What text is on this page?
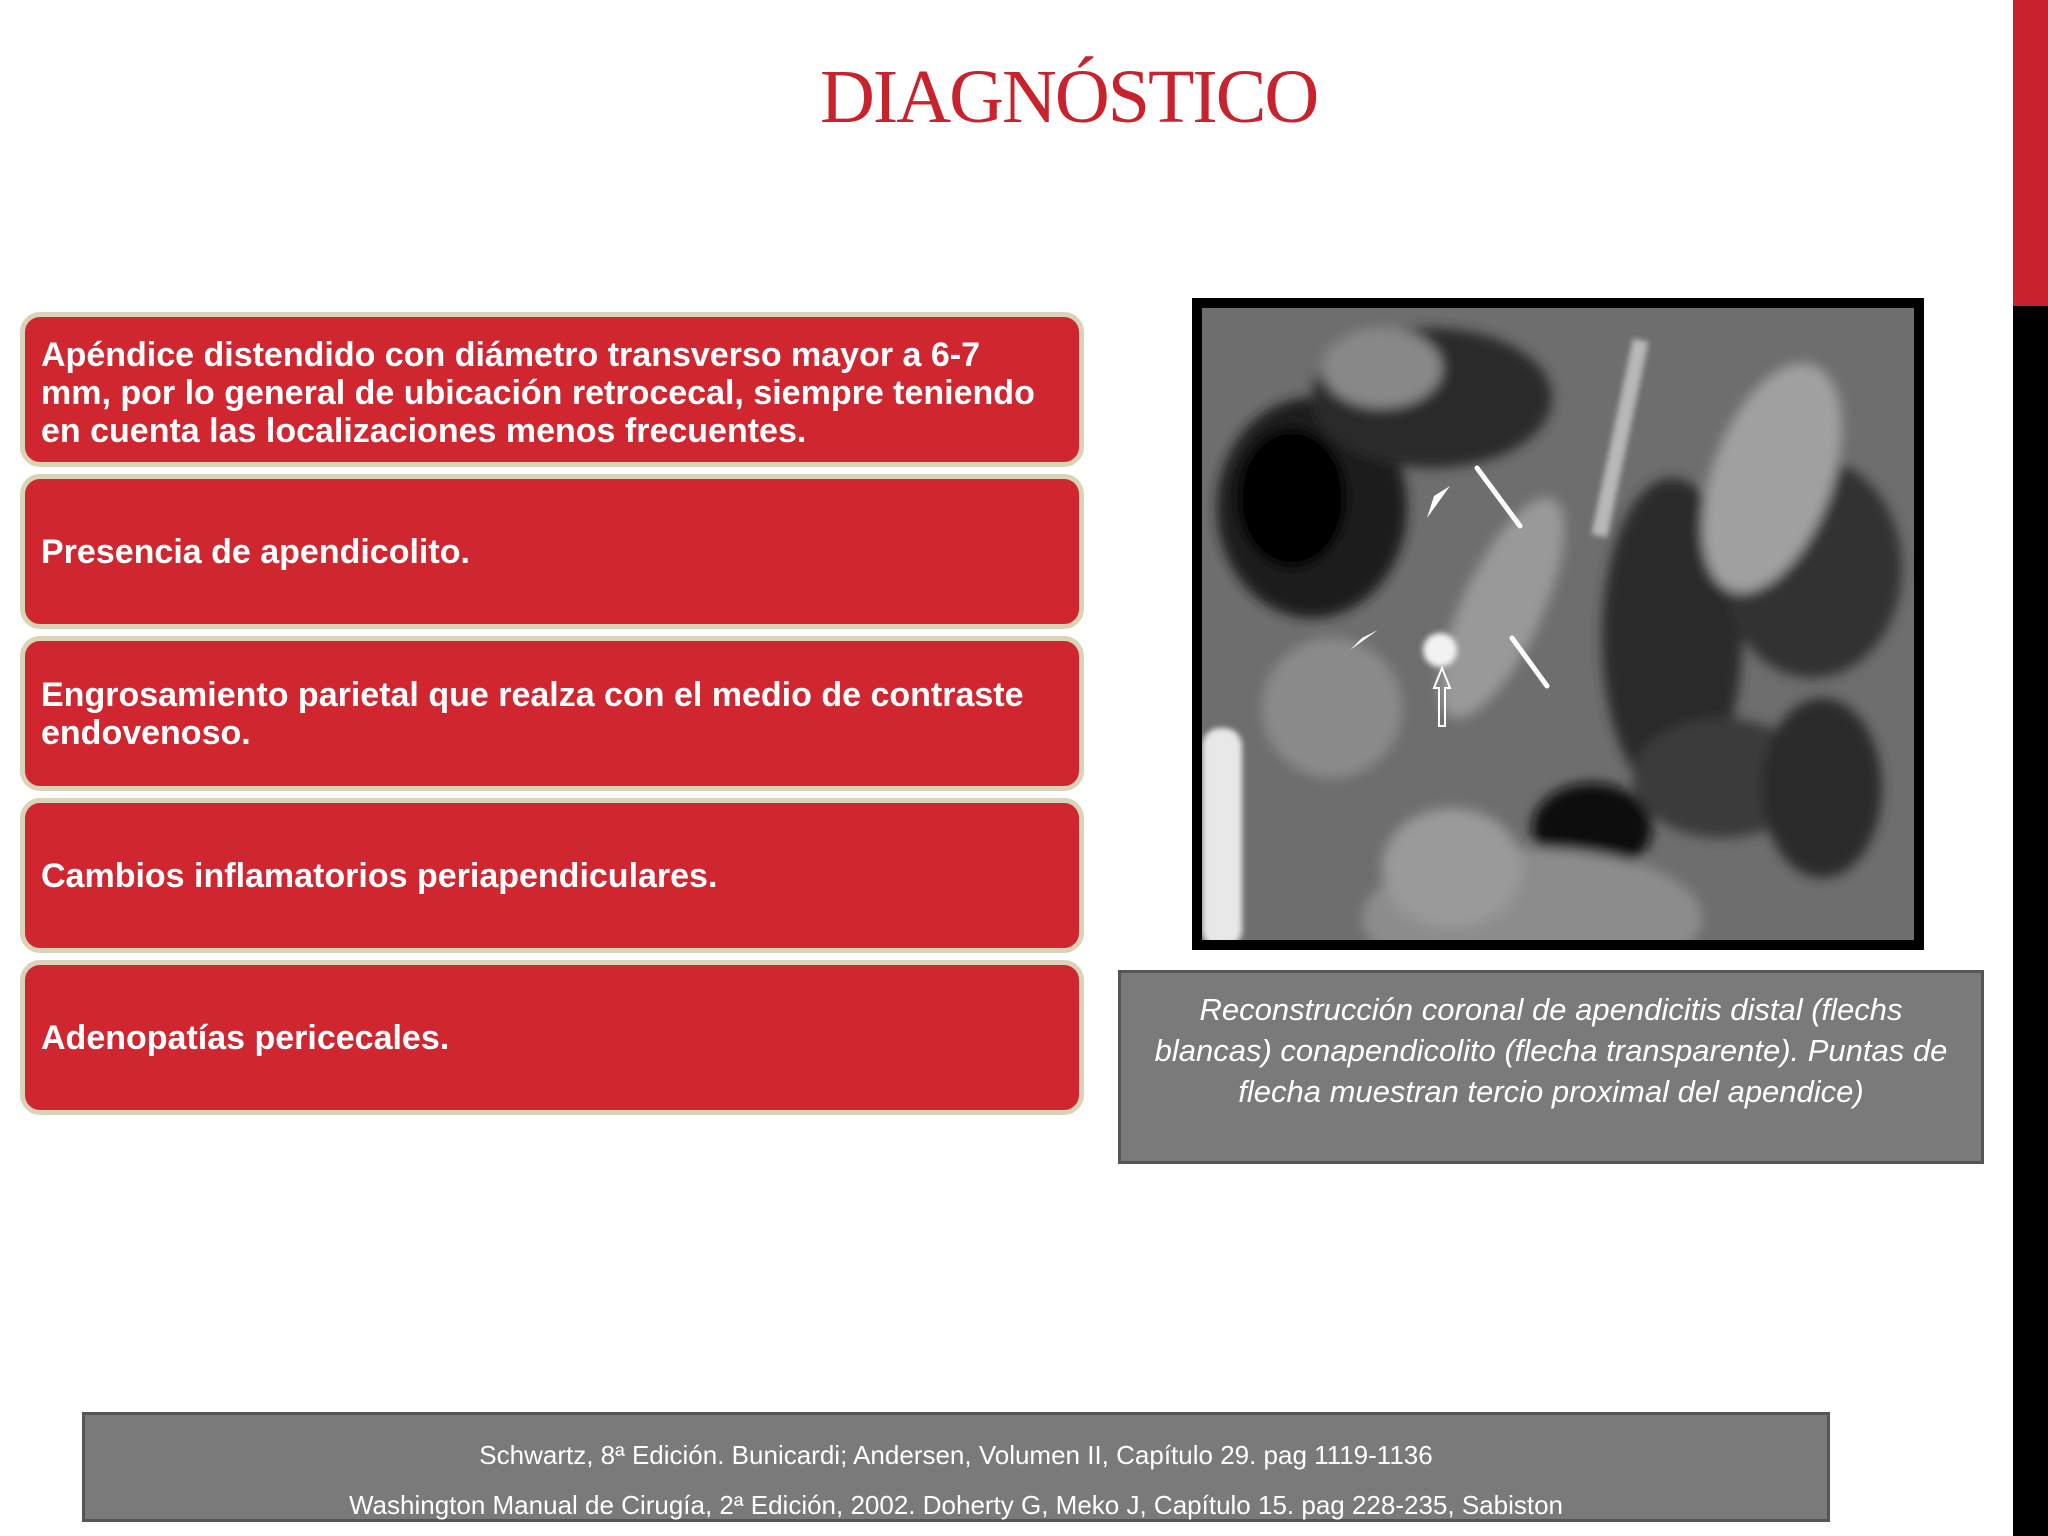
DIAGNÓSTICO
Apéndice distendido con diámetro transverso mayor a 6-7 mm, por lo general de ubicación retrocecal, siempre teniendo en cuenta las localizaciones menos frecuentes.
Presencia de apendicolito.
Engrosamiento parietal que realza con el medio de contraste endovenoso.
Cambios inflamatorios periapendiculares.
Adenopatías pericecales.
Reconstrucción coronal de apendicitis distal (flechs blancas) conapendicolito (flecha transparente). Puntas de flecha muestran tercio proximal del apendice)
Schwartz, 8ª Edición. Bunicardi; Andersen, Volumen II, Capítulo 29. pag 1119-1136
Washington Manual de Cirugía, 2ª Edición, 2002. Doherty G, Meko J, Capítulo 15. pag 228-235, Sabiston
